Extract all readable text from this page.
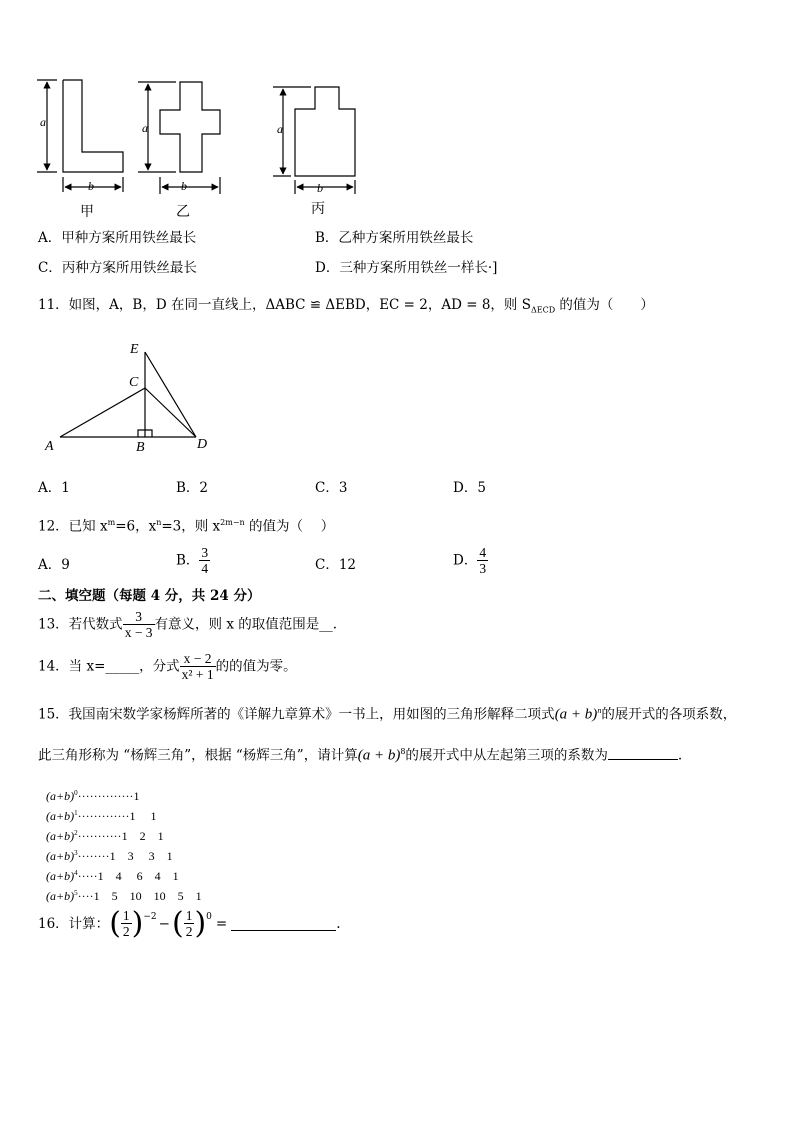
a
b
甲
a
b
乙
a
b
丙
A．甲种方案所用铁丝最长	B．乙种方案所用铁丝最长
C．丙种方案所用铁丝最长	D．三种方案所用铁丝一样长·]
11．如图，A，B，D 在同一直线上，ΔABC ≌ ΔEBD，EC = 2，AD = 8，则 $S_{\Delta ECD}$ 的值为（　　）
E
C
A	B	D
A．1	B．2	C．3	D．5
12．已知 $x^m=6$，$x^n=3$，则 $x^{2m-n}$ 的值为（　 ）
A．9	B． $\frac{3}{4}$	C．12	D． $\frac{4}{3}$
二、填空题（每题 4 分，共 24 分）
13．若代数式 $\frac{3}{x - 3}$ 有意义，则 x 的取值范围是__.
14．当 x=_____，分式 $\frac{x - 2}{\text{x² + 1}}$ 的的值为零。
15．我国南宋数学家杨辉所著的《详解九章算术》一书上，用如图的三角形解释二项式$(a + b)^n$的展开式的各项系数，
此三角形称为 “杨辉三角”，根据 “杨辉三角”，请计算$(a + b)^8$的展开式中从左起第三项的系数为	.
$(a+b)^0\cdot\cdot\cdot\cdot\cdot\cdot\cdot\cdot\cdot\cdot\cdot\cdot\cdot\cdot 1$
$(a+b)^1\cdot\cdot\cdot\cdot\cdot\cdot\cdot\cdot\cdot\cdot\cdot\cdot\cdot 1$　 1
$(a+b)^2\cdot\cdot\cdot\cdot\cdot\cdot\cdot\cdot\cdot\cdot\cdot 1$　2　1
$(a+b)^3\cdot\cdot\cdot\cdot\cdot\cdot\cdot\cdot 1$　3　 3　1
$(a+b)^4\cdot\cdot\cdot\cdot\cdot 1$　4　 6　4　1
$(a+b)^5\cdot\cdot\cdot\cdot 1$　5　10　10　5　1
16．计算： ( $\frac{1}{2} )^{-2}$ − ( $\frac{1}{2} )^0$ =	.
